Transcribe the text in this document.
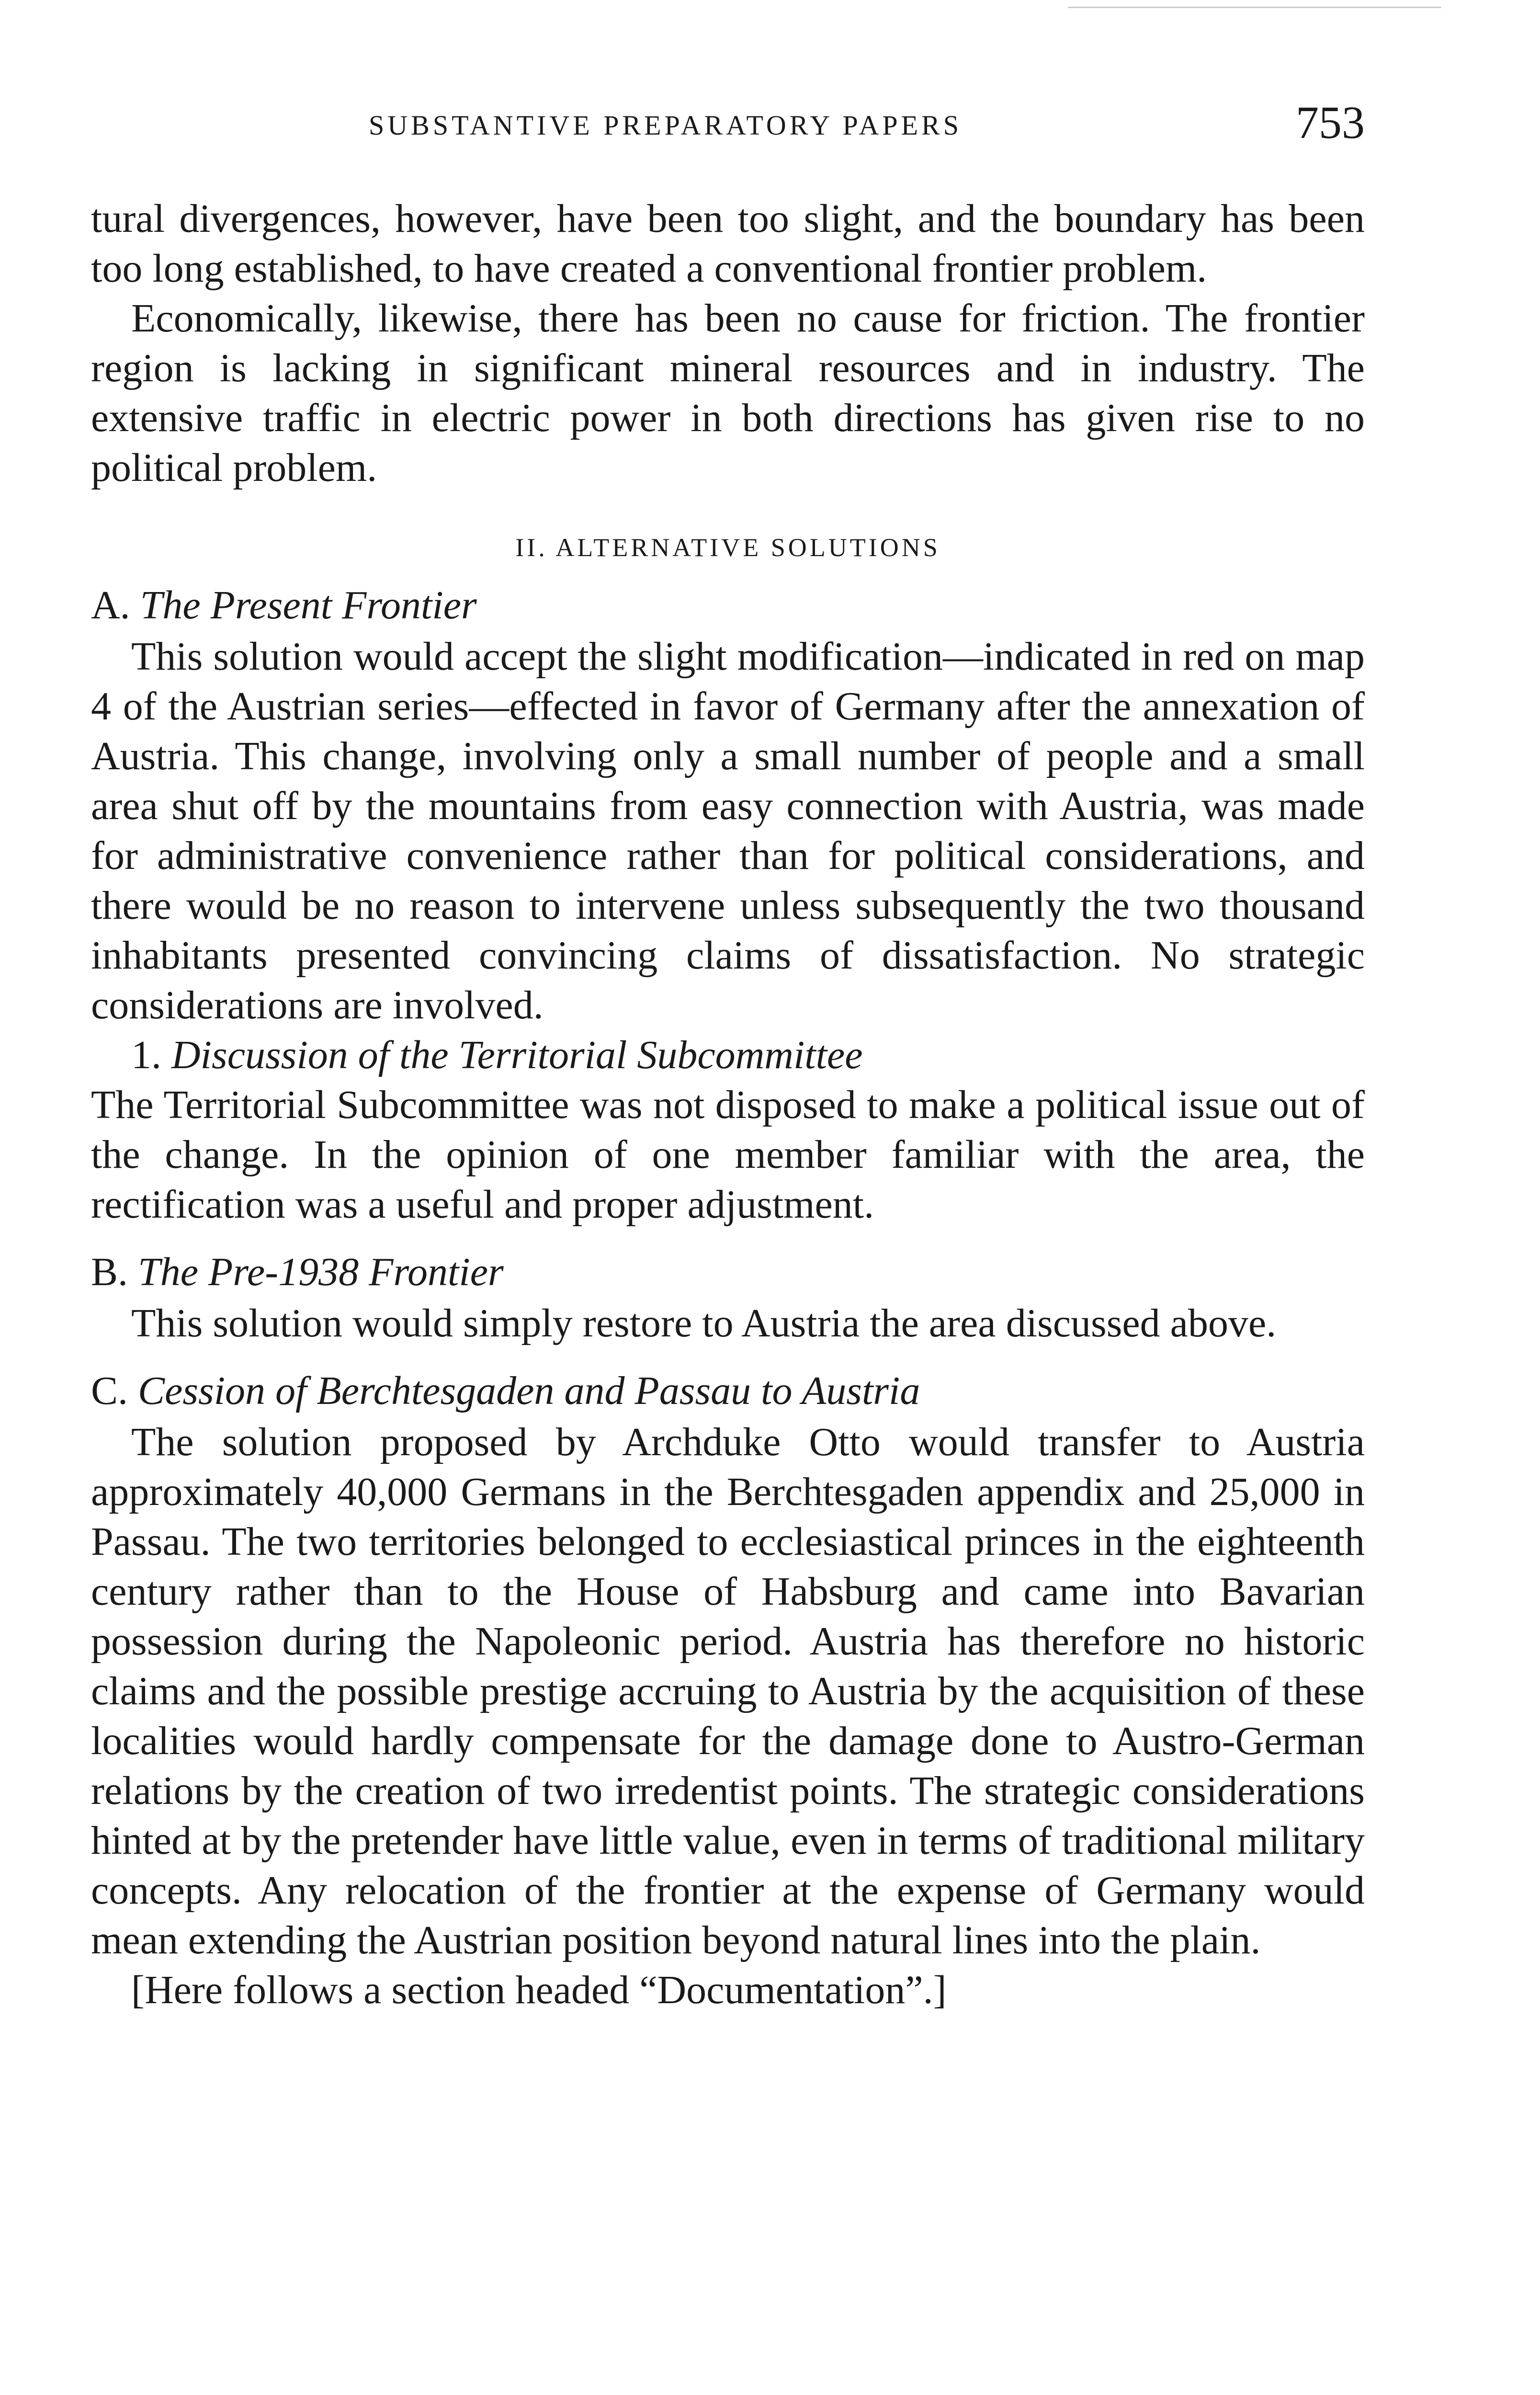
SUBSTANTIVE PREPARATORY PAPERS	753

tural divergences, however, have been too slight, and the boundary has been too long established, to have created a conventional frontier problem.

Economically, likewise, there has been no cause for friction. The frontier region is lacking in significant mineral resources and in industry. The extensive traffic in electric power in both directions has given rise to no political problem.

II. ALTERNATIVE SOLUTIONS
A. The Present Frontier

This solution would accept the slight modification—indicated in red on map 4 of the Austrian series—effected in favor of Germany after the annexation of Austria. This change, involving only a small number of people and a small area shut off by the mountains from easy connection with Austria, was made for administrative convenience rather than for political considerations, and there would be no reason to intervene unless subsequently the two thousand inhabitants presented convincing claims of dissatisfaction. No strategic considerations are involved.

1. Discussion of the Territorial Subcommittee

The Territorial Subcommittee was not disposed to make a political issue out of the change. In the opinion of one member familiar with the area, the rectification was a useful and proper adjustment.

B. The Pre-1938 Frontier

This solution would simply restore to Austria the area discussed above.

C. Cession of Berchtesgaden and Passau to Austria

The solution proposed by Archduke Otto would transfer to Austria approximately 40,000 Germans in the Berchtesgaden appendix and 25,000 in Passau. The two territories belonged to ecclesiastical princes in the eighteenth century rather than to the House of Habsburg and came into Bavarian possession during the Napoleonic period. Austria has therefore no historic claims and the possible prestige accruing to Austria by the acquisition of these localities would hardly compensate for the damage done to Austro-German relations by the creation of two irredentist points. The strategic considerations hinted at by the pretender have little value, even in terms of traditional military concepts. Any relocation of the frontier at the expense of Germany would mean extending the Austrian position beyond natural lines into the plain.

[Here follows a section headed “Documentation”.]
